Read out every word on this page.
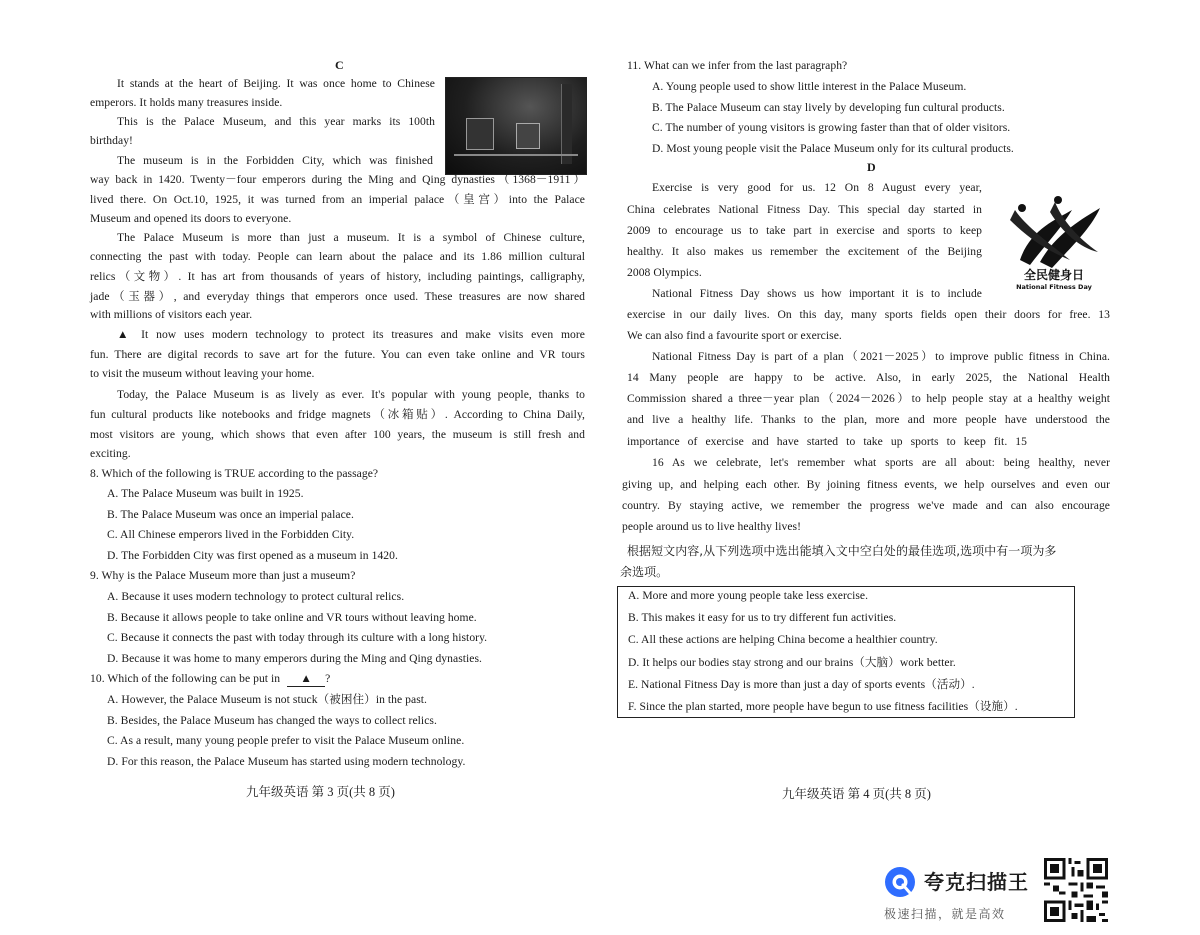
C
It stands at the heart of Beijing. It was once home to Chinese
emperors. It holds many treasures inside.
This is the Palace Museum, and this year marks its 100th
birthday!
The museum is in the Forbidden City, which was finished
way back in 1420. Twenty－four emperors during the Ming and Qing dynasties（1368－1911）
lived there. On Oct.10, 1925, it was turned from an imperial palace（皇宫）into the Palace
Museum and opened its doors to everyone.
The Palace Museum is more than just a museum. It is a symbol of Chinese culture,
connecting the past with today. People can learn about the palace and its 1.86 million cultural
relics（文物）. It has art from thousands of years of history, including paintings, calligraphy,
jade（玉器）, and everyday things that emperors once used. These treasures are now shared
with millions of visitors each year.
▲ It now uses modern technology to protect its treasures and make visits even more
fun. There are digital records to save art for the future. You can even take online and VR tours
to visit the museum without leaving your home.
Today, the Palace Museum is as lively as ever. It's popular with young people, thanks to
fun cultural products like notebooks and fridge magnets（冰箱贴）. According to China Daily,
most visitors are young, which shows that even after 100 years, the museum is still fresh and
exciting.
8. Which of the following is TRUE according to the passage?
A. The Palace Museum was built in 1925.
B. The Palace Museum was once an imperial palace.
C. All Chinese emperors lived in the Forbidden City.
D. The Forbidden City was first opened as a museum in 1420.
9. Why is the Palace Museum more than just a museum?
A. Because it uses modern technology to protect cultural relics.
B. Because it allows people to take online and VR tours without leaving home.
C. Because it connects the past with today through its culture with a long history.
D. Because it was home to many emperors during the Ming and Qing dynasties.
10. Which of the following can be put in ▲ ?
A. However, the Palace Museum is not stuck（被困住）in the past.
B. Besides, the Palace Museum has changed the ways to collect relics.
C. As a result, many young people prefer to visit the Palace Museum online.
D. For this reason, the Palace Museum has started using modern technology.
九年级英语 第 3 页(共 8 页)
11. What can we infer from the last paragraph?
A. Young people used to show little interest in the Palace Museum.
B. The Palace Museum can stay lively by developing fun cultural products.
C. The number of young visitors is growing faster than that of older visitors.
D. Most young people visit the Palace Museum only for its cultural products.
D
全民健身日
National Fitness Day
Exercise is very good for us. 12 On 8 August every year,
China celebrates National Fitness Day. This special day started in
2009 to encourage us to take part in exercise and sports to keep
healthy. It also makes us remember the excitement of the Beijing
2008 Olympics.
National Fitness Day shows us how important it is to include
exercise in our daily lives. On this day, many sports fields open their doors for free. 13
We can also find a favourite sport or exercise.
National Fitness Day is part of a plan（2021－2025）to improve public fitness in China.
14 Many people are happy to be active. Also, in early 2025, the National Health
Commission shared a three－year plan（2024－2026）to help people stay at a healthy weight
and live a healthy life. Thanks to the plan, more and more people have understood the
importance of exercise and have started to take up sports to keep fit. 15
16 As we celebrate, let's remember what sports are all about: being healthy, never
giving up, and helping each other. By joining fitness events, we help ourselves and even our
country. By staying active, we remember the progress we've made and can also encourage
people around us to live healthy lives!
根据短文内容,从下列选项中选出能填入文中空白处的最佳选项,选项中有一项为多
余选项。
A. More and more young people take less exercise.
B. This makes it easy for us to try different fun activities.
C. All these actions are helping China become a healthier country.
D. It helps our bodies stay strong and our brains（大脑）work better.
E. National Fitness Day is more than just a day of sports events（活动）.
F. Since the plan started, more people have begun to use fitness facilities（设施）.
九年级英语 第 4 页(共 8 页)
夸克扫描王
极速扫描，就是高效
